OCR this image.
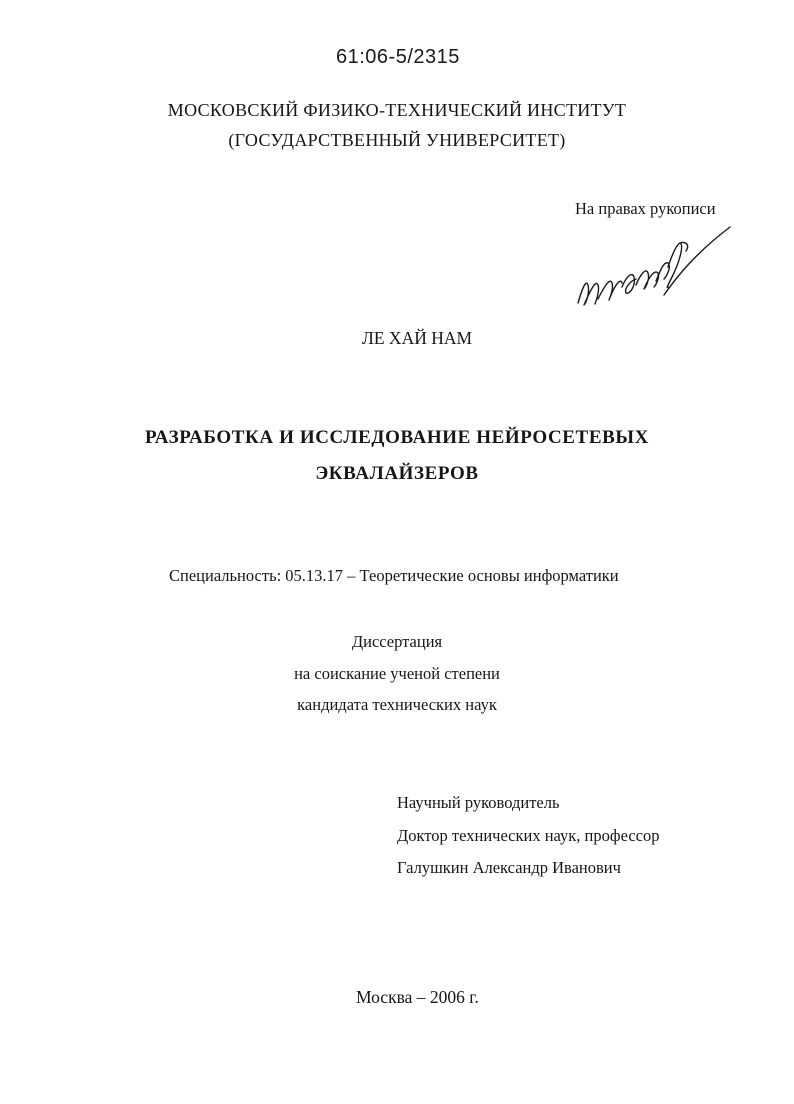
61:06-5/2315
МОСКОВСКИЙ ФИЗИКО-ТЕХНИЧЕСКИЙ ИНСТИТУТ
(ГОСУДАРСТВЕННЫЙ УНИВЕРСИТЕТ)
На правах рукописи
ЛЕ ХАЙ НАМ
РАЗРАБОТКА И ИССЛЕДОВАНИЕ НЕЙРОСЕТЕВЫХ
ЭКВАЛАЙЗЕРОВ
Специальность: 05.13.17 – Теоретические основы информатики
Диссертация
на соискание ученой степени
кандидата технических наук
Научный руководитель
Доктор технических наук, профессор
Галушкин Александр Иванович
Москва – 2006 г.
